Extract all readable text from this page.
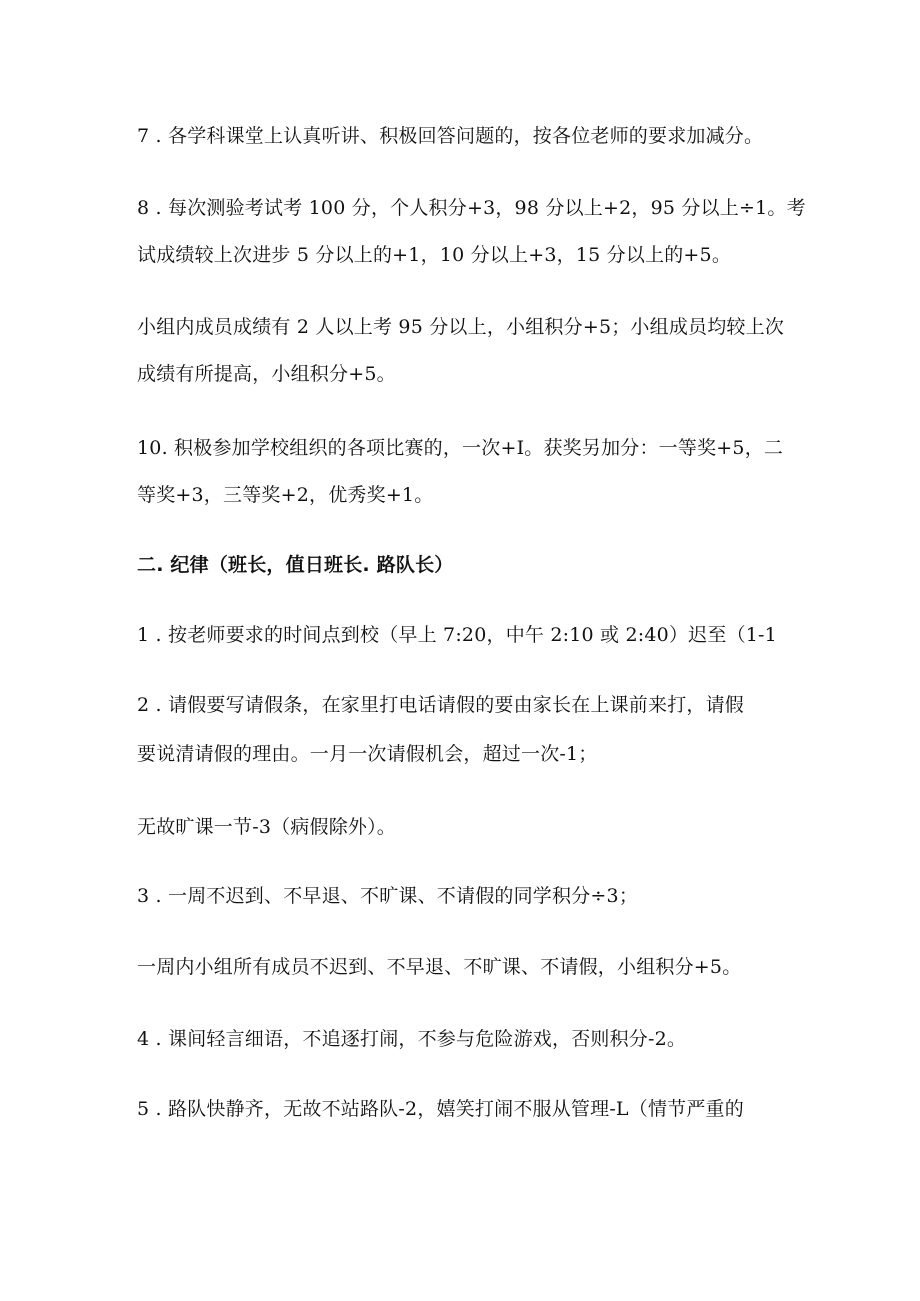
7 . 各学科课堂上认真听讲、积极回答问题的，按各位老师的要求加减分。
8 . 每次测验考试考 100 分，个人积分+3，98 分以上+2，95 分以上÷1。考
试成绩较上次进步 5 分以上的+1，10 分以上+3，15 分以上的+5。
小组内成员成绩有 2 人以上考 95 分以上，小组积分+5；小组成员均较上次
成绩有所提高，小组积分+5。
10. 积极参加学校组织的各项比赛的，一次+I。获奖另加分：一等奖+5，二
等奖+3，三等奖+2，优秀奖+1。
二. 纪律（班长，值日班长. 路队长）
1 . 按老师要求的时间点到校（早上 7:20，中午 2:10 或 2:40）迟至（1-1
2 . 请假要写请假条，在家里打电话请假的要由家长在上课前来打，请假
要说清请假的理由。一月一次请假机会，超过一次-1；
无故旷课一节-3（病假除外）。
3 . 一周不迟到、不早退、不旷课、不请假的同学积分÷3；
一周内小组所有成员不迟到、不早退、不旷课、不请假，小组积分+5。
4 . 课间轻言细语，不追逐打闹，不参与危险游戏，否则积分-2。
5 . 路队快静齐，无故不站路队-2，嬉笑打闹不服从管理-L（情节严重的
